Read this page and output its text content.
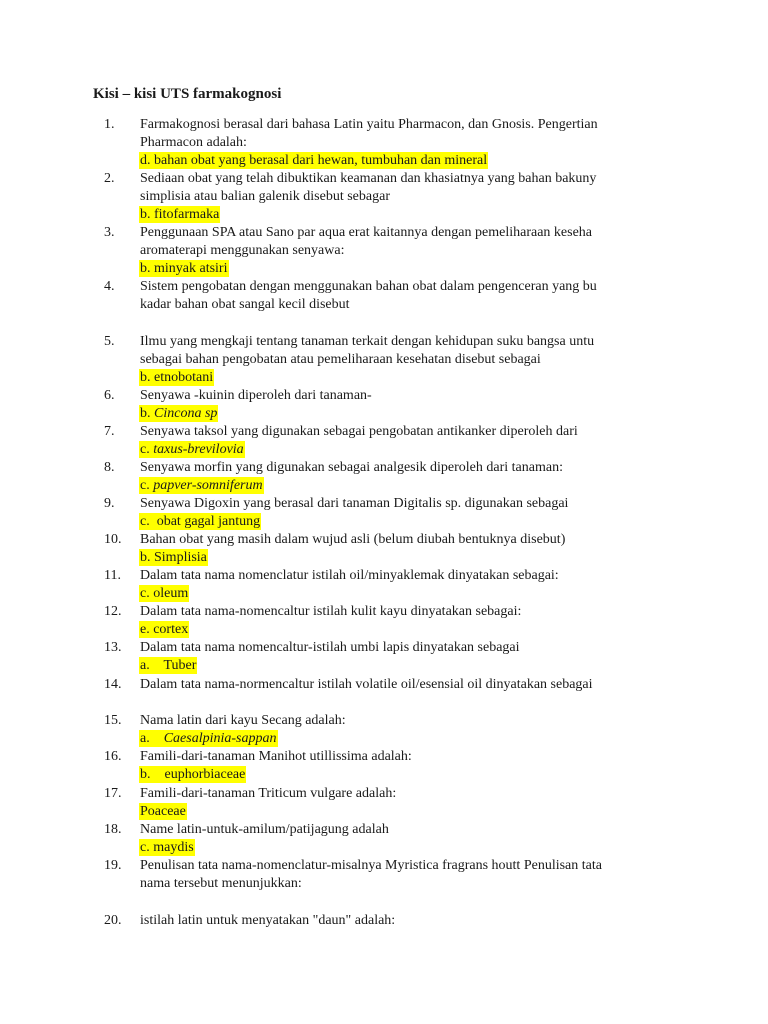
Kisi – kisi UTS farmakognosi
1.	Farmakognosi berasal dari bahasa Latin yaitu Pharmacon, dan Gnosis. Pengertian
Pharmacon adalah:
d. bahan obat yang berasal dari hewan, tumbuhan dan mineral
2.	Sediaan obat yang telah dibuktikan keamanan dan khasiatnya yang bahan bakuny
simplisia atau balian galenik disebut sebagar
b. fitofarmaka
3.	Penggunaan SPA atau Sano par aqua erat kaitannya dengan pemeliharaan keseha
aromaterapi menggunakan senyawa:
b. minyak atsiri
4.	Sistem pengobatan dengan menggunakan bahan obat dalam pengenceran yang bu
kadar bahan obat sangal kecil disebut
5.	Ilmu yang mengkaji tentang tanaman terkait dengan kehidupan suku bangsa untu
sebagai bahan pengobatan atau pemeliharaan kesehatan disebut sebagai
b. etnobotani
6.	Senyawa -kuinin diperoleh dari tanaman-
b. Cincona sp
7.	Senyawa taksol yang digunakan sebagai pengobatan antikanker diperoleh dari
c. taxus-brevilovia
8.	Senyawa morfin yang digunakan sebagai analgesik diperoleh dari tanaman:
c. papver-somniferum
9.	Senyawa Digoxin yang berasal dari tanaman Digitalis sp. digunakan sebagai
c. obat gagal jantung
10.	Bahan obat yang masih dalam wujud asli (belum diubah bentuknya disebut)
b. Simplisia
11.	Dalam tata nama nomenclatur istilah oil/minyaklemak dinyatakan sebagai:
c. oleum
12.	Dalam tata nama-nomencaltur istilah kulit kayu dinyatakan sebagai:
e. cortex
13.	Dalam tata nama nomencaltur-istilah umbi lapis dinyatakan sebagai
a. Tuber
14.	Dalam tata nama-normencaltur istilah volatile oil/esensial oil dinyatakan sebagai
15.	Nama latin dari kayu Secang adalah:
a. Caesalpinia-sappan
16.	Famili-dari-tanaman Manihot utillissima adalah:
b. euphorbiaceae
17.	Famili-dari-tanaman Triticum vulgare adalah:
Poaceae
18.	Name latin-untuk-amilum/patijagung adalah
c. maydis
19.	Penulisan tata nama-nomenclatur-misalnya Myristica fragrans houtt Penulisan tata
nama tersebut menunjukkan:
20.	istilah latin untuk menyatakan "daun" adalah:
